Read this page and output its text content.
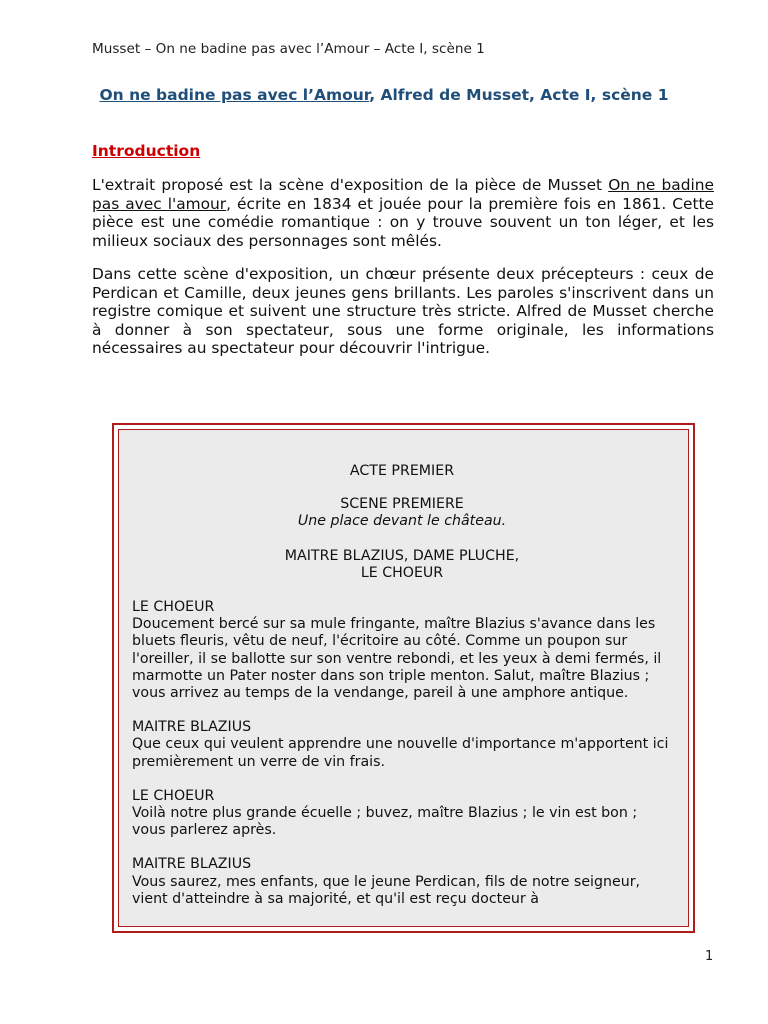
Musset – On ne badine pas avec l’Amour – Acte I, scène 1
On ne badine pas avec l’Amour, Alfred de Musset, Acte I, scène 1
Introduction

L'extrait proposé est la scène d'exposition de la pièce de Musset On ne badine pas avec l'amour, écrite en 1834 et jouée pour la première fois en 1861. Cette pièce est une comédie romantique : on y trouve souvent un ton léger, et les milieux sociaux des personnages sont mêlés.

Dans cette scène d'exposition, un chœur présente deux précepteurs : ceux de Perdican et Camille, deux jeunes gens brillants. Les paroles s'inscrivent dans un registre comique et suivent une structure très stricte. Alfred de Musset cherche à donner à son spectateur, sous une forme originale, les informations nécessaires au spectateur pour découvrir l'intrigue.

ACTE PREMIER
SCENE PREMIERE
Une place devant le château.
MAITRE BLAZIUS, DAME PLUCHE,
LE CHOEUR
LE CHOEUR
Doucement bercé sur sa mule fringante, maître Blazius s'avance dans les bluets fleuris, vêtu de neuf, l'écritoire au côté. Comme un poupon sur l'oreiller, il se ballotte sur son ventre rebondi, et les yeux à demi fermés, il marmotte un Pater noster dans son triple menton. Salut, maître Blazius ; vous arrivez au temps de la vendange, pareil à une amphore antique.
MAITRE BLAZIUS
Que ceux qui veulent apprendre une nouvelle d'importance m'apportent ici premièrement un verre de vin frais.
LE CHOEUR
Voilà notre plus grande écuelle ; buvez, maître Blazius ; le vin est bon ; vous parlerez après.
MAITRE BLAZIUS
Vous saurez, mes enfants, que le jeune Perdican, fils de notre seigneur, vient d'atteindre à sa majorité, et qu'il est reçu docteur à
1
